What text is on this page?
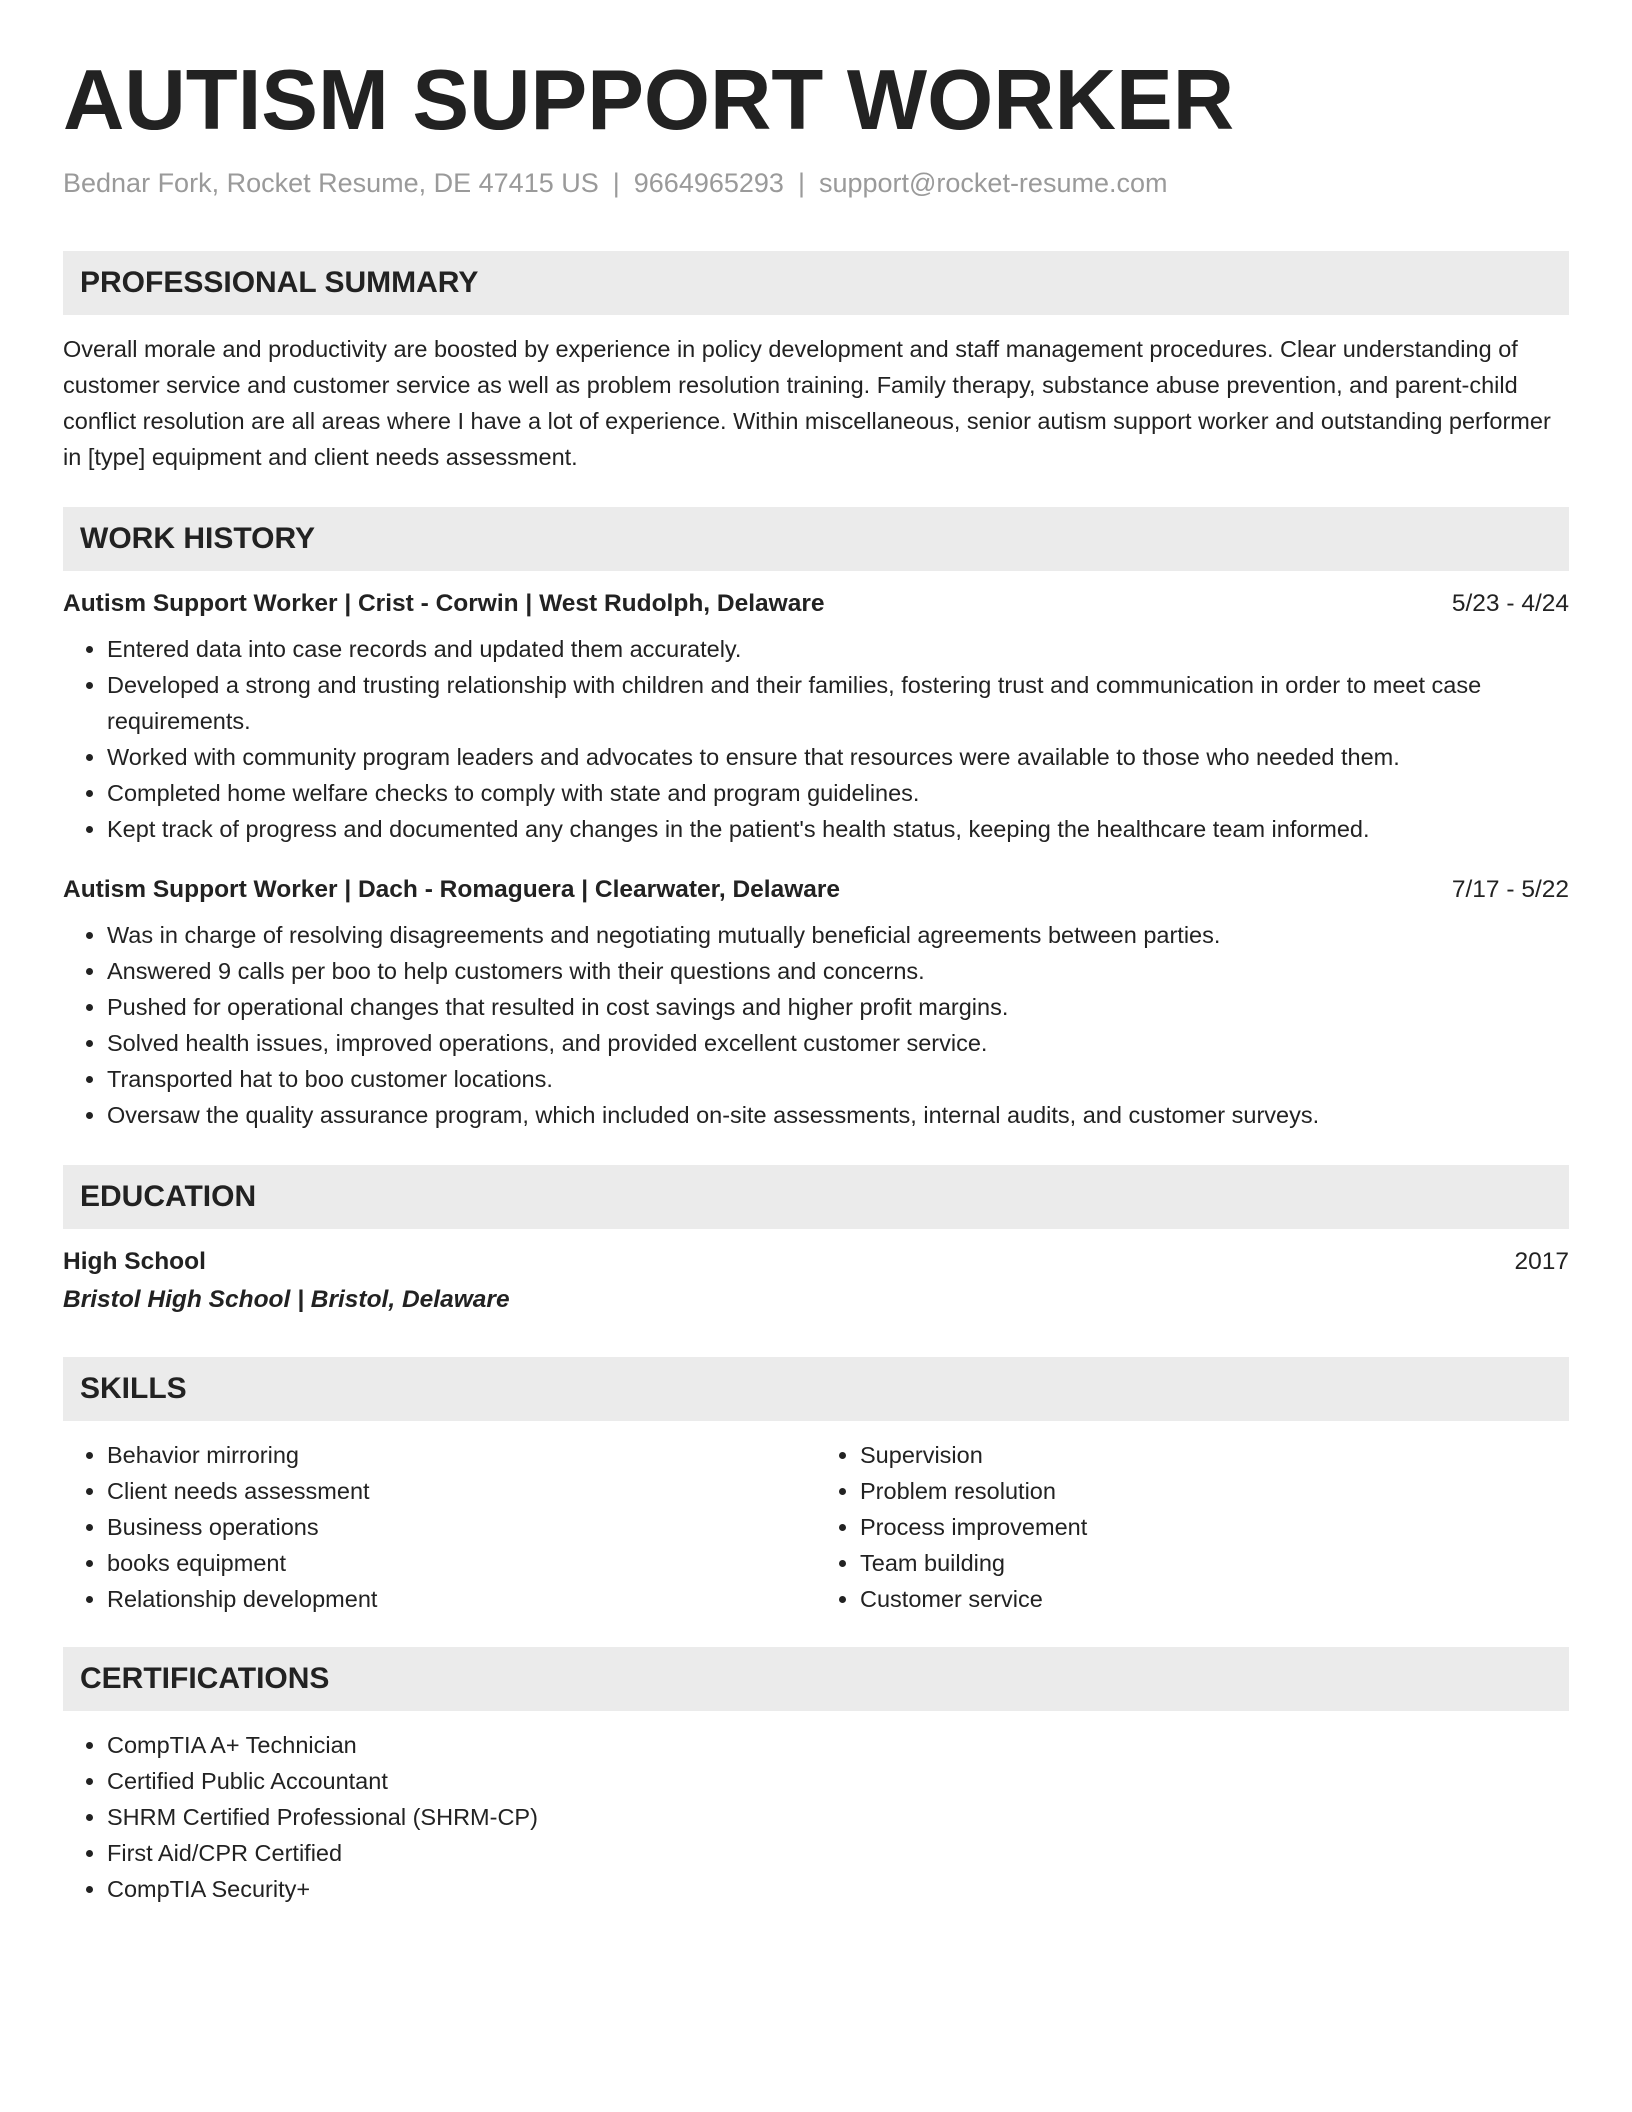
AUTISM SUPPORT WORKER
Bednar Fork, Rocket Resume, DE 47415 US | 9664965293 | support@rocket-resume.com
PROFESSIONAL SUMMARY
Overall morale and productivity are boosted by experience in policy development and staff management procedures. Clear understanding of customer service and customer service as well as problem resolution training. Family therapy, substance abuse prevention, and parent-child conflict resolution are all areas where I have a lot of experience. Within miscellaneous, senior autism support worker and outstanding performer in [type] equipment and client needs assessment.
WORK HISTORY
Autism Support Worker | Crist - Corwin | West Rudolph, Delaware	5/23 - 4/24
• Entered data into case records and updated them accurately.
• Developed a strong and trusting relationship with children and their families, fostering trust and communication in order to meet case requirements.
• Worked with community program leaders and advocates to ensure that resources were available to those who needed them.
• Completed home welfare checks to comply with state and program guidelines.
• Kept track of progress and documented any changes in the patient's health status, keeping the healthcare team informed.
Autism Support Worker | Dach - Romaguera | Clearwater, Delaware	7/17 - 5/22
• Was in charge of resolving disagreements and negotiating mutually beneficial agreements between parties.
• Answered 9 calls per boo to help customers with their questions and concerns.
• Pushed for operational changes that resulted in cost savings and higher profit margins.
• Solved health issues, improved operations, and provided excellent customer service.
• Transported hat to boo customer locations.
• Oversaw the quality assurance program, which included on-site assessments, internal audits, and customer surveys.
EDUCATION
High School	2017
Bristol High School | Bristol, Delaware
SKILLS
• Behavior mirroring
• Client needs assessment
• Business operations
• books equipment
• Relationship development
• Supervision
• Problem resolution
• Process improvement
• Team building
• Customer service
CERTIFICATIONS
• CompTIA A+ Technician
• Certified Public Accountant
• SHRM Certified Professional (SHRM-CP)
• First Aid/CPR Certified
• CompTIA Security+
